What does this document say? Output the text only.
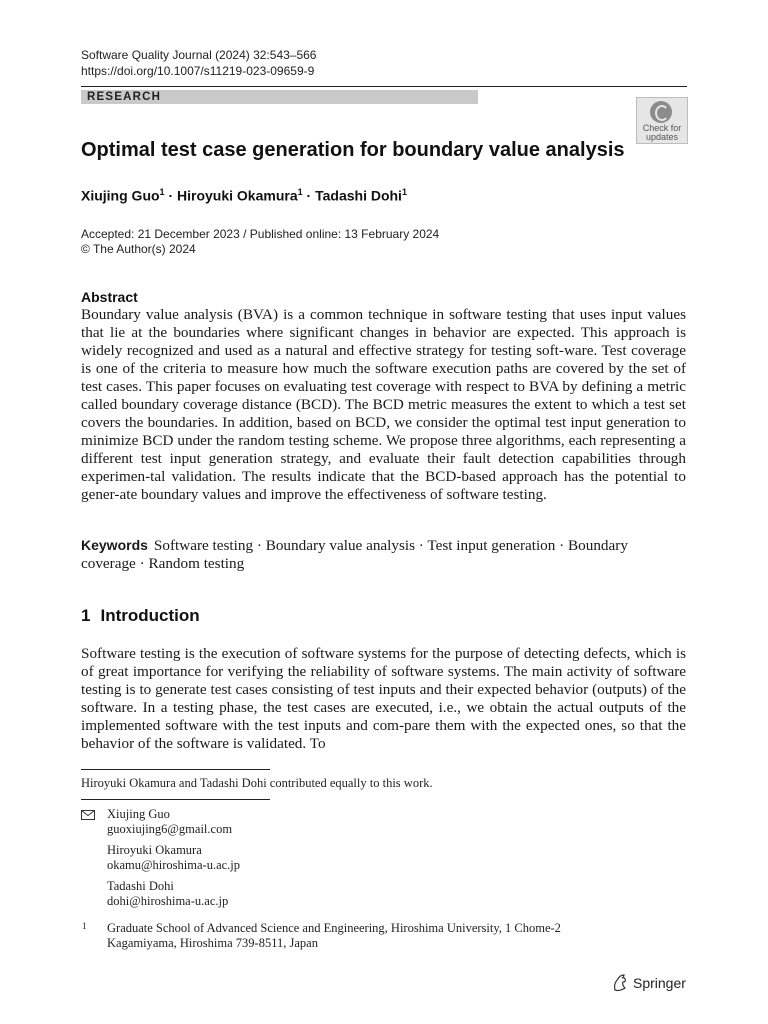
Software Quality Journal (2024) 32:543–566
https://doi.org/10.1007/s11219-023-09659-9
RESEARCH
Check for
updates
Optimal test case generation for boundary value analysis
Xiujing Guo$^1$ · Hiroyuki Okamura$^1$ · Tadashi Dohi$^1$
Accepted: 21 December 2023 / Published online: 13 February 2024
© The Author(s) 2024
Abstract
Boundary value analysis (BVA) is a common technique in software testing that uses input values that lie at the boundaries where significant changes in behavior are expected. This approach is widely recognized and used as a natural and effective strategy for testing soft-ware. Test coverage is one of the criteria to measure how much the software execution paths are covered by the set of test cases. This paper focuses on evaluating test coverage with respect to BVA by defining a metric called boundary coverage distance (BCD). The BCD metric measures the extent to which a test set covers the boundaries. In addition, based on BCD, we consider the optimal test input generation to minimize BCD under the random testing scheme. We propose three algorithms, each representing a different test input generation strategy, and evaluate their fault detection capabilities through experimen-tal validation. The results indicate that the BCD-based approach has the potential to gener-ate boundary values and improve the effectiveness of software testing.
Keywords Software testing · Boundary value analysis · Test input generation · Boundary coverage · Random testing
1 Introduction
Software testing is the execution of software systems for the purpose of detecting defects, which is of great importance for verifying the reliability of software systems. The main activity of software testing is to generate test cases consisting of test inputs and their expected behavior (outputs) of the software. In a testing phase, the test cases are executed, i.e., we obtain the actual outputs of the implemented software with the test inputs and com-pare them with the expected ones, so that the behavior of the software is validated. To
Hiroyuki Okamura and Tadashi Dohi contributed equally to this work.
Xiujing Guo
guoxiujing6@gmail.com
Hiroyuki Okamura
okamu@hiroshima-u.ac.jp
Tadashi Dohi
dohi@hiroshima-u.ac.jp
1 Graduate School of Advanced Science and Engineering, Hiroshima University, 1 Chome-2
Kagamiyama, Hiroshima 739-8511, Japan
Springer
